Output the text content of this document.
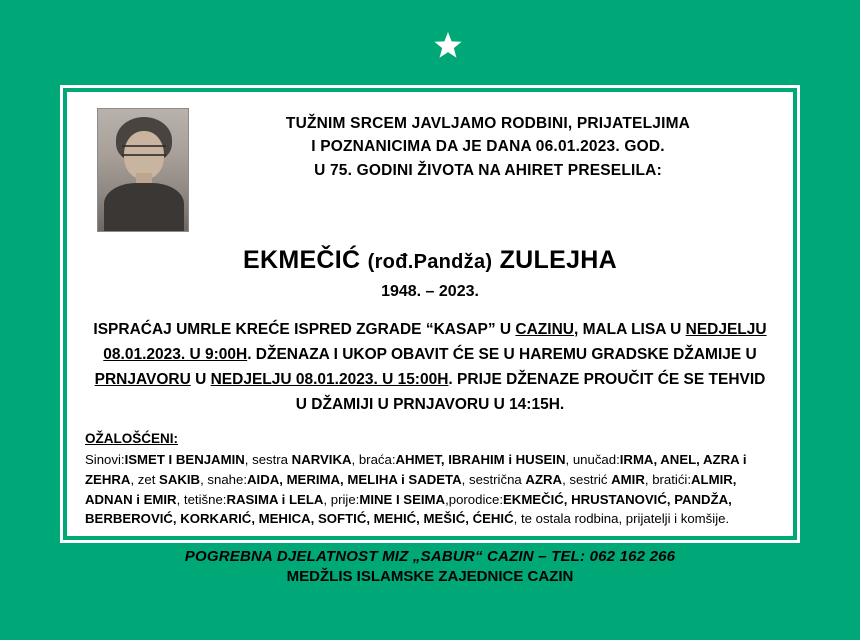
TUŽNIM SRCEM JAVLJAMO RODBINI, PRIJATELJIMA
I POZNANICIMA DA JE DANA 06.01.2023. GOD.
U 75. GODINI ŽIVOTA NA AHIRET PRESELILA:
EKMEČIĆ (rođ.Pandža) ZULEJHA
1948. – 2023.
ISPRAĆAJ UMRLE KREĆE ISPRED ZGRADE “KASAP” U CAZINU, MALA LISA U NEDJELJU 08.01.2023. U 9:00H. DŽENAZA I UKOP OBAVIT ĆE SE U HAREMU GRADSKE DŽAMIJE U PRNJAVORU U NEDJELJU 08.01.2023. U 15:00H. PRIJE DŽENAZE PROUČIT ĆE SE TEHVID U DŽAMIJI U PRNJAVORU U 14:15H.
OŽALOŠĆENI:
Sinovi:ISMET I BENJAMIN, sestra NARVIKA, braća:AHMET, IBRAHIM i HUSEIN, unučad:IRMA, ANEL, AZRA i ZEHRA, zet SAKIB, snahe:AIDA, MERIMA, MELIHA i SADETA, sestrična AZRA, sestrić AMIR, bratići:ALMIR, ADNAN i EMIR, tetišne:RASIMA i LELA, prije:MINE I SEIMA,porodice:EKMEČIĆ, HRUSTANOVIĆ, PANDŽA, BERBEROVIĆ, KORKARIĆ, MEHICA, SOFTIĆ, MEHIĆ, MEŠIĆ, ĆEHIĆ, te ostala rodbina, prijatelji i komšije.
POGREBNA DJELATNOST MIZ „SABUR“ CAZIN – TEL: 062 162 266
MEDŽLIS ISLAMSKE ZAJEDNICE CAZIN
